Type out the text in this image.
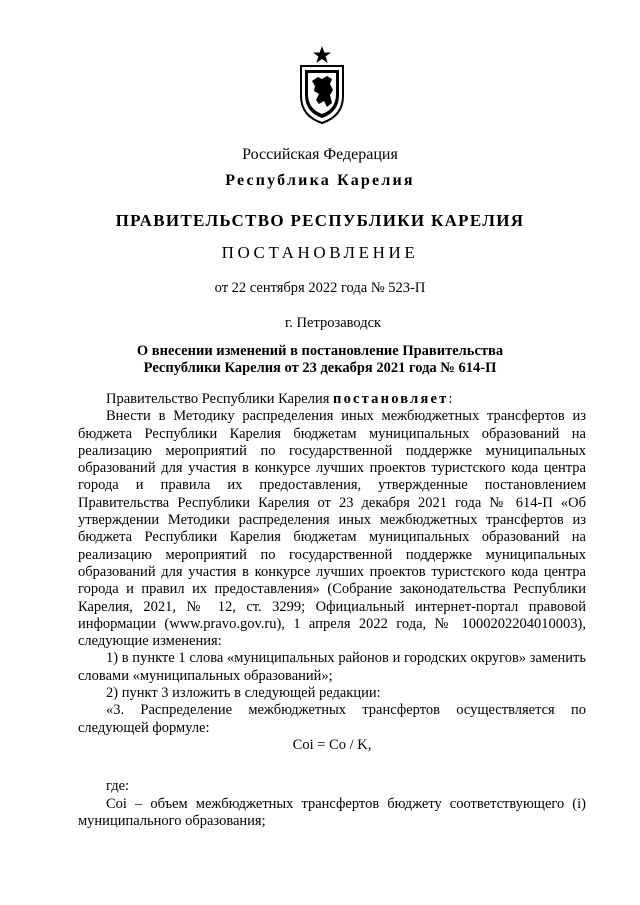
Российская Федерация
Республика Карелия
ПРАВИТЕЛЬСТВО РЕСПУБЛИКИ КАРЕЛИЯ
ПОСТАНОВЛЕНИЕ
от 22 сентября 2022 года № 523-П
г. Петрозаводск
О внесении изменений в постановление Правительства
Республики Карелия от 23 декабря 2021 года № 614-П

Правительство Республики Карелия постановляет:

Внести в Методику распределения иных межбюджетных трансфертов из бюджета Республики Карелия бюджетам муниципальных образований на реализацию мероприятий по государственной поддержке муниципальных образований для участия в конкурсе лучших проектов туристского кода центра города и правила их предоставления, утвержденные постановлением Правительства Республики Карелия от 23 декабря 2021 года № 614-П «Об утверждении Методики распределения иных межбюджетных трансфертов из бюджета Республики Карелия бюджетам муниципальных образований на реализацию мероприятий по государственной поддержке муниципальных образований для участия в конкурсе лучших проектов туристского кода центра города и правил их предоставления» (Собрание законодательства Республики Карелия, 2021, № 12, ст. 3299; Официальный интернет-портал правовой информации (www.pravo.gov.ru), 1 апреля 2022 года, № 1000202204010003), следующие изменения:

1) в пункте 1 слова «муниципальных районов и городских округов» заменить словами «муниципальных образований»;

2) пункт 3 изложить в следующей редакции:

«3. Распределение межбюджетных трансфертов осуществляется по следующей формуле:

Coi = Co / K,

где:

Coi – объем межбюджетных трансфертов бюджету соответствующего (i) муниципального образования;
